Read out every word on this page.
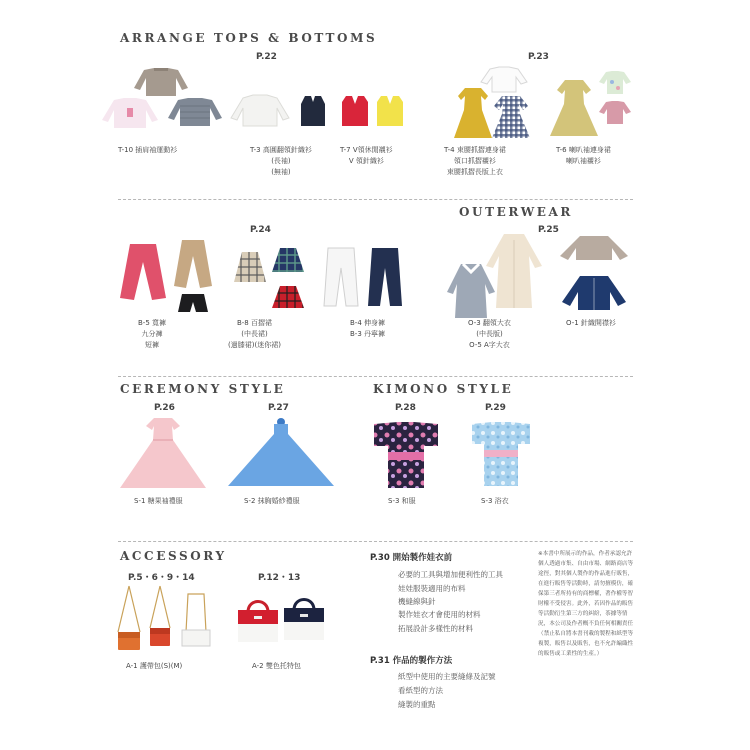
ARRANGE TOPS & BOTTOMS
OUTERWEAR
CEREMONY STYLE	KIMONO STYLE
ACCESSORY
P.22	P.23
P.24	P.25
P.26	P.27	P.28	P.29
P.5・6・9・14	P.12・13
T-10 插肩袖運動衫	T-3 高圓翻領針織衫
(長袖)
(無袖)
T-7 V領休閒襯衫
V 領針織衫
T-4 束腰抓摺連身裙
領口抓摺襯衫
束腰抓摺長版上衣
T-6 喇叭袖連身裙
喇叭袖襯衫
B-5 寬褲
九分褲
短褲
B-8 百摺裙
(中長裙)
(過膝裙)(迷你裙)
B-4 伸身褲
B-3 丹寧褲
O-3 翻領大衣
(中長版)
O-5 A字大衣
O-1 針織開襟衫
S-1 糖果袖禮服	S-2 抹胸婚紗禮服	S-3 和服	S-3 浴衣
A-1 護帶包(S)(M)	A-2 雙色托特包
P.30 開始製作娃衣前
必要的工具與增加便利性的工具
娃娃服裝適用的布料
機縫線與針
製作娃衣才會使用的材料
拓展設計多樣性的材料
P.31 作品的製作方法
紙型中使用的主要縫條及記號
看紙型的方法
縫製的重點
※本書中所展示的作品，作者承認允許個人透過市集、自由市場、網路商店等途徑，對其個人製作的作品進行販售，在進行販售等活動時，請勿擅模仿，確保第三者所持有的商標權，著作權等智財權不受侵害。此外，若因作品的販售等活動衍生第三方的糾紛，茶據等情況，本公司及作者概不負任何相關責任（禁止私自將本書刊載的製程和紙型等複製，販售以及販售，也不允許編織性的販售或工業性的生產。）
